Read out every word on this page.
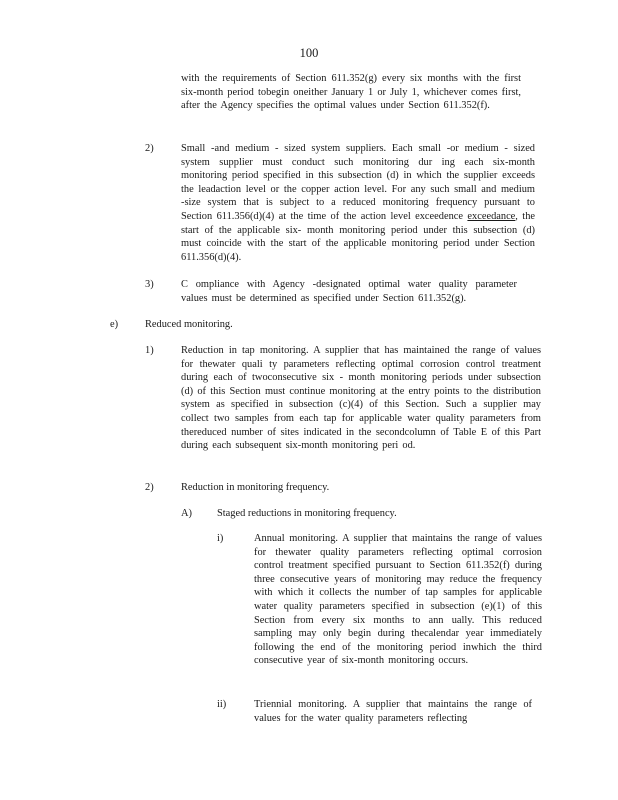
100
with the requirements of Section 611.352(g) every six months with the first six-month period tobegin oneither January 1 or July 1, whichever comes first, after the Agency specifies the optimal values under Section 611.352(f).
2)	Small -and medium - sized system suppliers. Each small -or medium - sized system supplier must conduct such monitoring dur ing each six-month monitoring period specified in this subsection (d) in which the supplier exceeds the leadaction level or the copper action level. For any such small and medium -size system that is subject to a reduced monitoring frequency pursuant to Section 611.356(d)(4) at the time of the action level exceedence exceedance, the start of the applicable six- month monitoring period under this subsection (d) must coincide with the start of the applicable monitoring period under Section 611.356(d)(4).
3)	C ompliance with Agency -designated optimal water quality parameter values must be determined as specified under Section 611.352(g).
e)	Reduced monitoring.
1)	Reduction in tap monitoring. A supplier that has maintained the range of values for thewater quali ty parameters reflecting optimal corrosion control treatment during each of twoconsecutive six - month monitoring periods under subsection (d) of this Section must continue monitoring at the entry points to the distribution system as specified in subsection (c)(4) of this Section. Such a supplier may collect two samples from each tap for applicable water quality parameters from thereduced number of sites indicated in the secondcolumn of Table E of this Part during each subsequent six-month monitoring peri od.
2)	Reduction in monitoring frequency.
A) Staged reductions in monitoring frequency.
i)	Annual monitoring. A supplier that maintains the range of values for thewater quality parameters reflecting optimal corrosion control treatment specified pursuant to Section 611.352(f) during three consecutive years of monitoring may reduce the frequency with which it collects the number of tap samples for applicable water quality parameters specified in subsection (e)(1) of this Section from every six months to ann ually. This reduced sampling may only begin during thecalendar year immediately following the end of the monitoring period inwhich the third consecutive year of six-month monitoring occurs.
ii)	Triennial monitoring. A supplier that maintains the range of values for the water quality parameters reflecting
